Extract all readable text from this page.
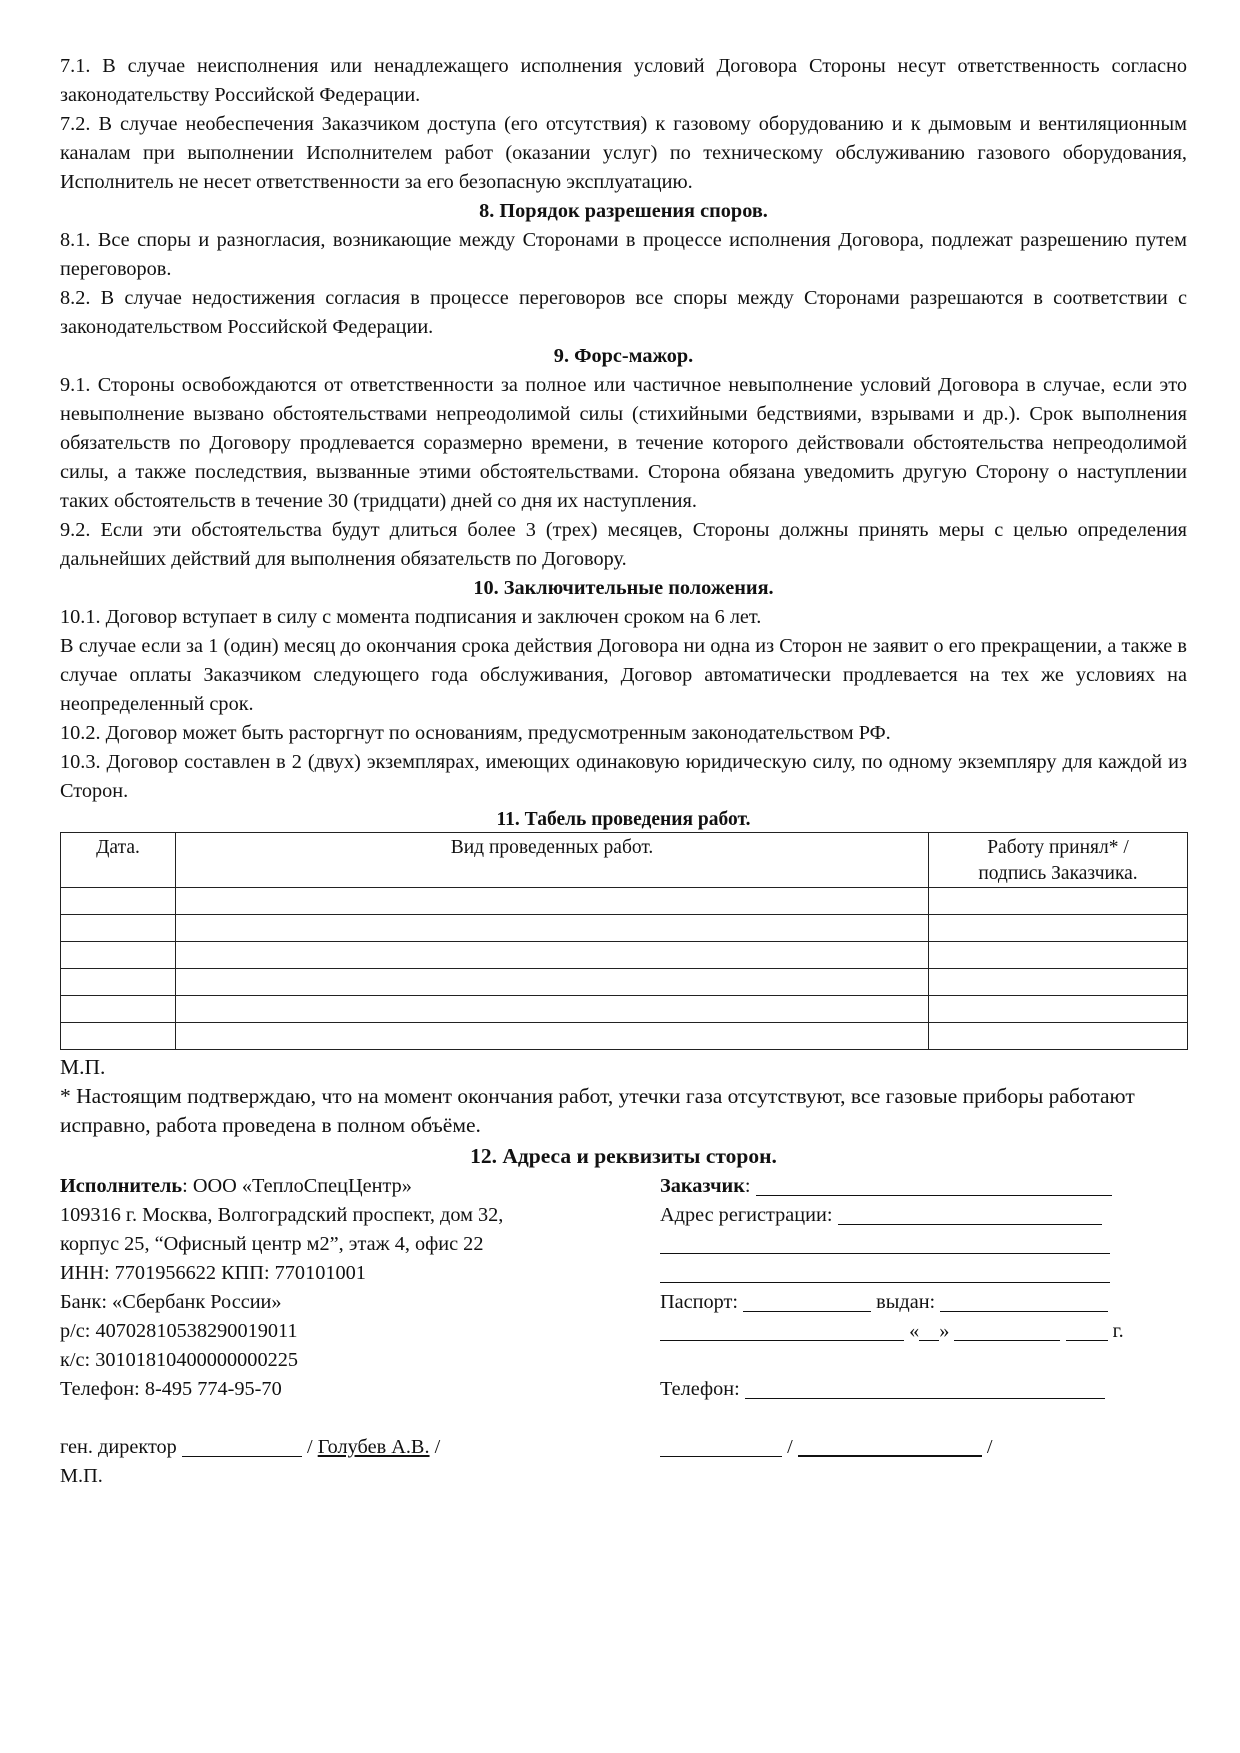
7.1. В случае неисполнения или ненадлежащего исполнения условий Договора Стороны несут ответственность согласно законодательству Российской Федерации.

7.2. В случае необеспечения Заказчиком доступа (его отсутствия) к газовому оборудованию и к дымовым и вентиляционным каналам при выполнении Исполнителем работ (оказании услуг) по техническому обслуживанию газового оборудования, Исполнитель не несет ответственности за его безопасную эксплуатацию.

8. Порядок разрешения споров.

8.1. Все споры и разногласия, возникающие между Сторонами в процессе исполнения Договора, подлежат разрешению путем переговоров.

8.2. В случае недостижения согласия в процессе переговоров все споры между Сторонами разрешаются в соответствии с законодательством Российской Федерации.

9. Форс-мажор.

9.1. Стороны освобождаются от ответственности за полное или частичное невыполнение условий Договора в случае, если это невыполнение вызвано обстоятельствами непреодолимой силы (стихийными бедствиями, взрывами и др.). Срок выполнения обязательств по Договору продлевается соразмерно времени, в течение которого действовали обстоятельства непреодолимой силы, а также последствия, вызванные этими обстоятельствами. Сторона обязана уведомить другую Сторону о наступлении таких обстоятельств в течение 30 (тридцати) дней со дня их наступления.

9.2. Если эти обстоятельства будут длиться более 3 (трех) месяцев, Стороны должны принять меры с целью определения дальнейших действий для выполнения обязательств по Договору.

10. Заключительные положения.

10.1. Договор вступает в силу с момента подписания и заключен сроком на 6 лет.

В случае если за 1 (один) месяц до окончания срока действия Договора ни одна из Сторон не заявит о его прекращении, а также в случае оплаты Заказчиком следующего года обслуживания, Договор автоматически продлевается на тех же условиях на неопределенный срок.

10.2. Договор может быть расторгнут по основаниям, предусмотренным законодательством РФ.

10.3. Договор составлен в 2 (двух) экземплярах, имеющих одинаковую юридическую силу, по одному экземпляру для каждой из Сторон.

11. Табель проведения работ.
Дата.	Вид проведенных работ.	Работу принял* /
подпись Заказчика.

М.П.
* Настоящим подтверждаю, что на момент окончания работ, утечки газа отсутствуют, все газовые приборы работают исправно, работа проведена в полном объёме.
12. Адреса и реквизиты сторон.
Исполнитель: ООО «ТеплоСпецЦентр»
109316 г. Москва, Волгоградский проспект, дом 32,
корпус 25, “Офисный центр м2”, этаж 4, офис 22
ИНН: 7701956622 КПП: 770101001
Банк: «Сбербанк России»
р/с: 40702810538290019011
к/с: 30101810400000000225
Телефон: 8-495 774-95-70
ген. директор	/ Голубев А.В. /
М.П.
Заказчик:
Адрес регистрации:
Паспорт:	выдан:
« »	г.
Телефон:
/	/
